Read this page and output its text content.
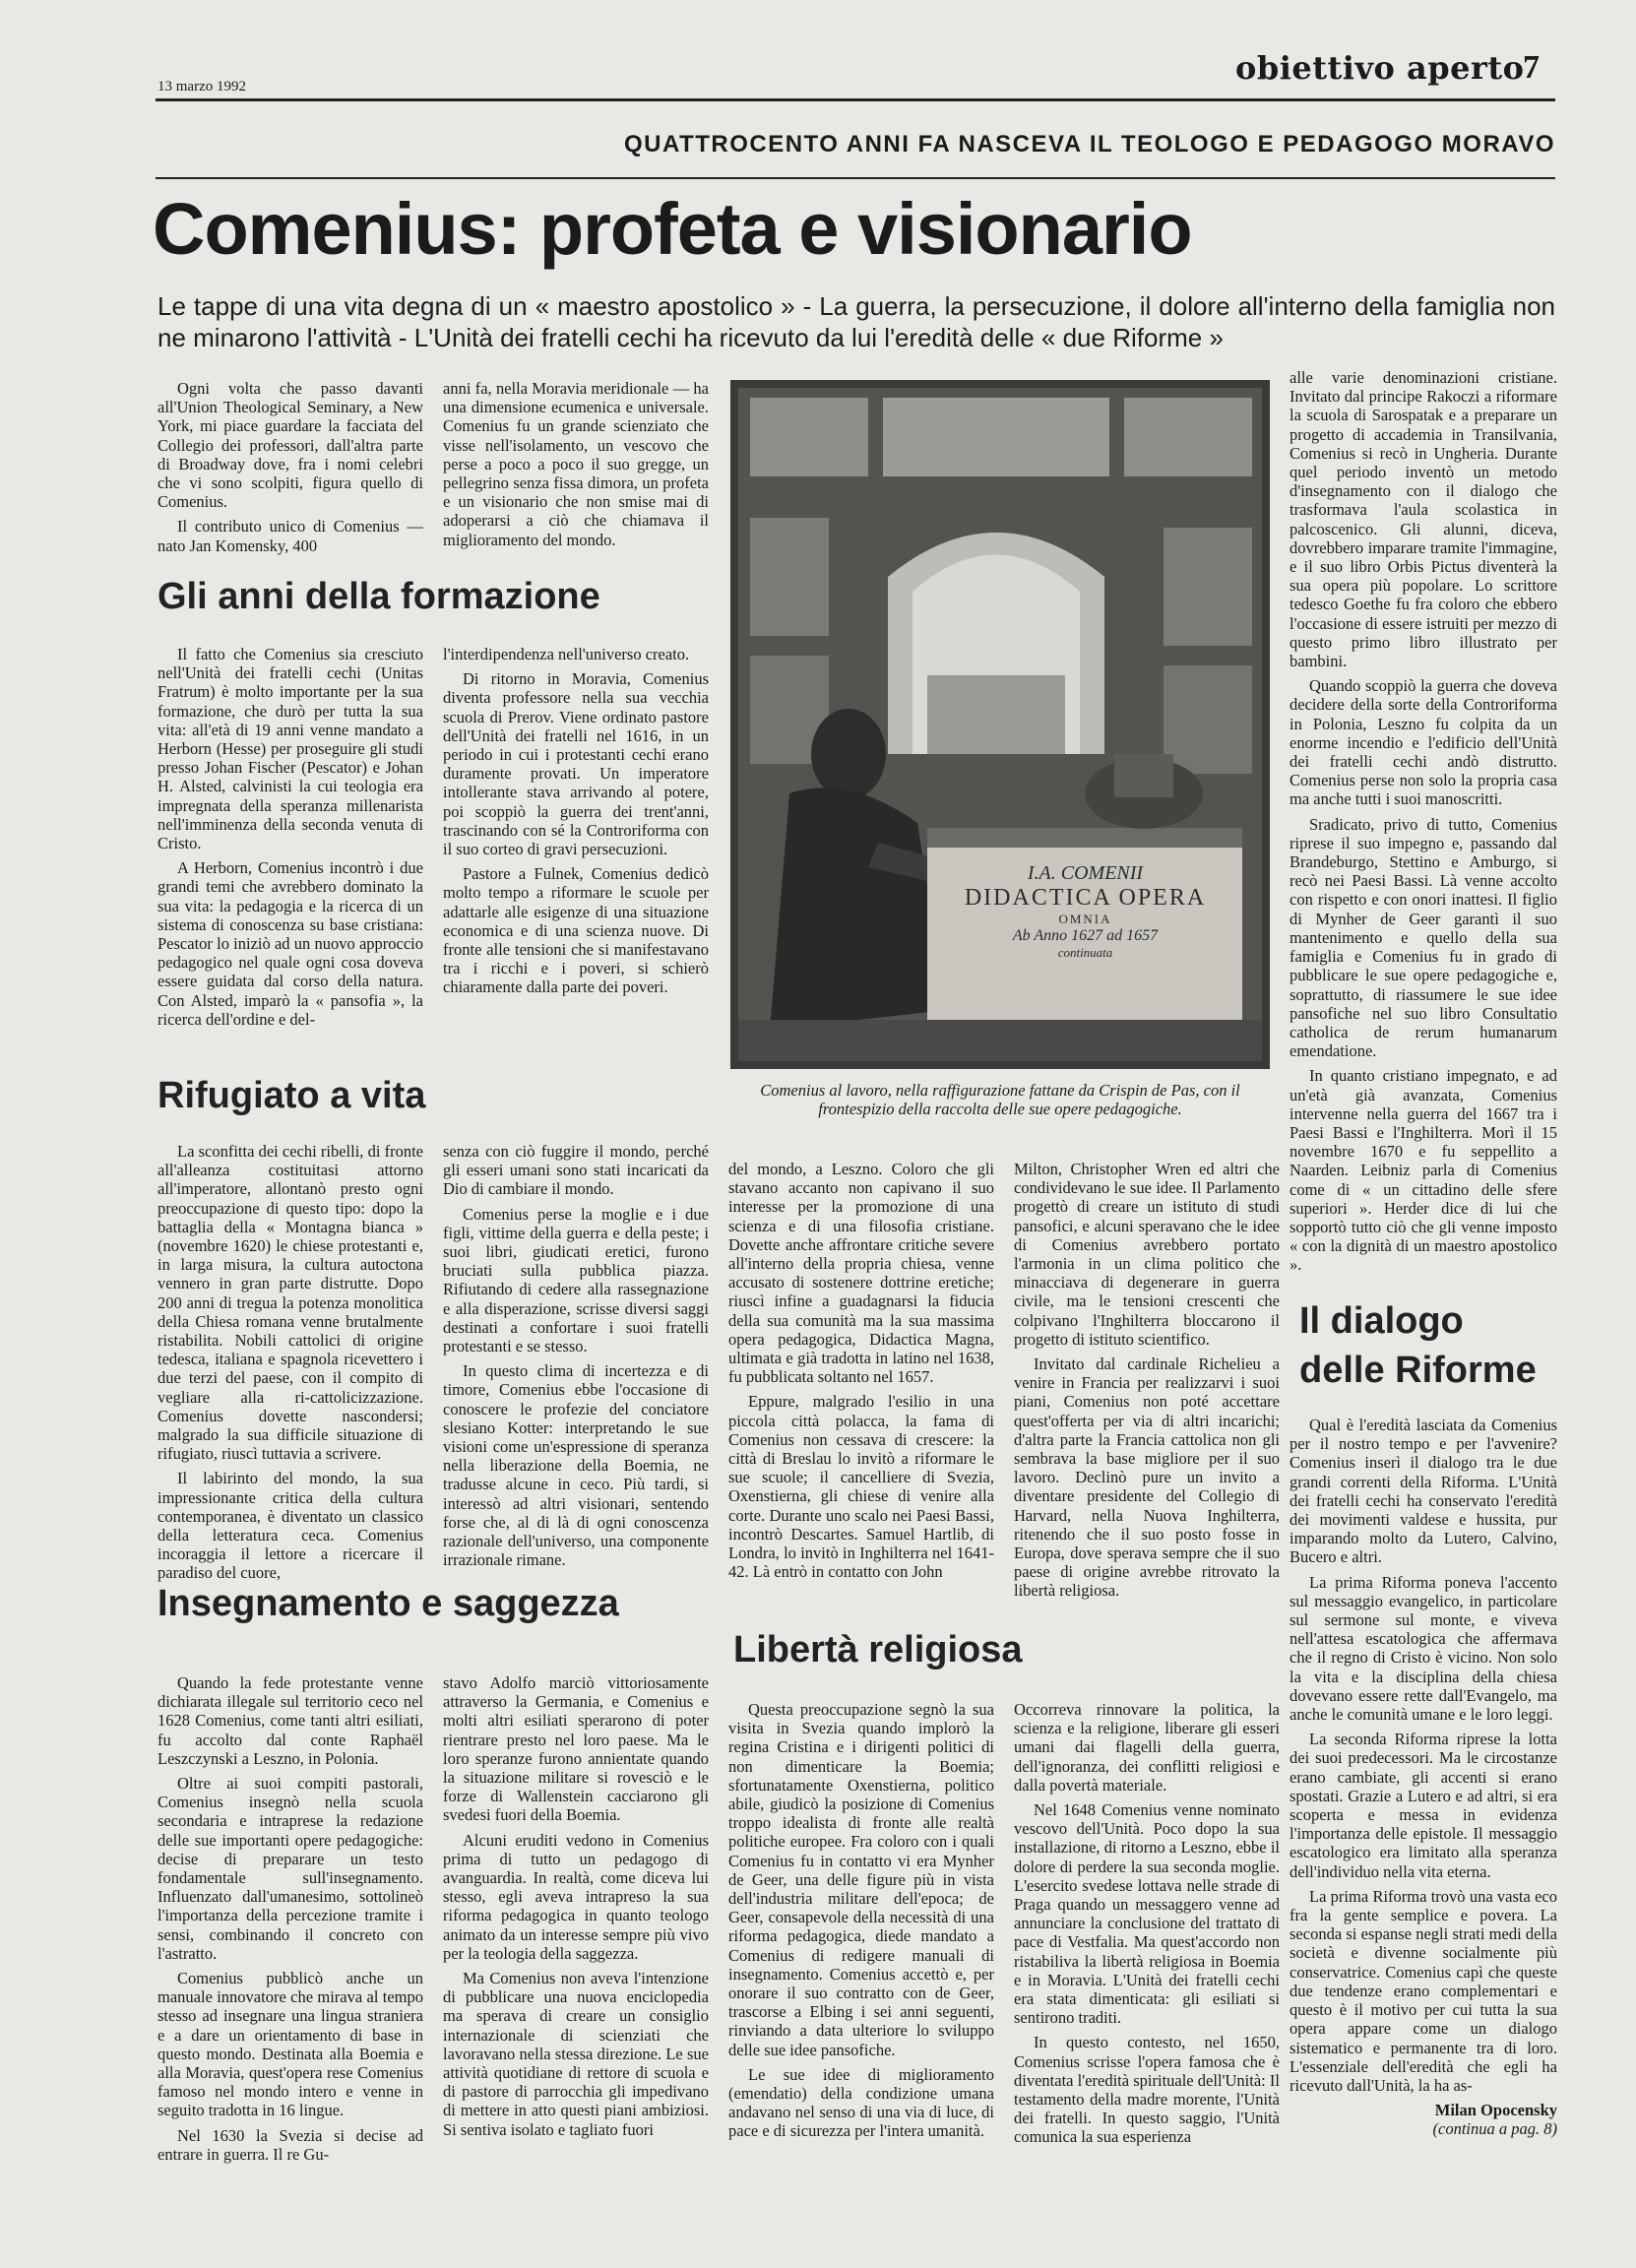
13 marzo 1992	obiettivo aperto
7
QUATTROCENTO ANNI FA NASCEVA IL TEOLOGO E PEDAGOGO MORAVO
Comenius: profeta e visionario
Le tappe di una vita degna di un « maestro apostolico » - La guerra, la persecuzione, il dolore all'interno della famiglia non ne minarono l'attività - L'Unità dei fratelli cechi ha ricevuto da lui l'eredità delle « due Riforme »

Ogni volta che passo davanti all'Union Theological Seminary, a New York, mi piace guardare la facciata del Collegio dei professori, dall'altra parte di Broadway dove, fra i nomi celebri che vi sono scolpiti, figura quello di Comenius.

Il contributo unico di Comenius — nato Jan Komensky, 400

anni fa, nella Moravia meridionale — ha una dimensione ecumenica e universale. Comenius fu un grande scienziato che visse nell'isolamento, un vescovo che perse a poco a poco il suo gregge, un pellegrino senza fissa dimora, un profeta e un visionario che non smise mai di adoperarsi a ciò che chiamava il miglioramento del mondo.

Gli anni della formazione

Il fatto che Comenius sia cresciuto nell'Unità dei fratelli cechi (Unitas Fratrum) è molto importante per la sua formazione, che durò per tutta la sua vita: all'età di 19 anni venne mandato a Herborn (Hesse) per proseguire gli studi presso Johan Fischer (Pescator) e Johan H. Alsted, calvinisti la cui teologia era impregnata della speranza millenarista nell'imminenza della seconda venuta di Cristo.

A Herborn, Comenius incontrò i due grandi temi che avrebbero dominato la sua vita: la pedagogia e la ricerca di un sistema di conoscenza su base cristiana: Pescator lo iniziò ad un nuovo approccio pedagogico nel quale ogni cosa doveva essere guidata dal corso della natura. Con Alsted, imparò la « pansofia », la ricerca dell'ordine e del-

l'interdipendenza nell'universo creato.

Di ritorno in Moravia, Comenius diventa professore nella sua vecchia scuola di Prerov. Viene ordinato pastore dell'Unità dei fratelli nel 1616, in un periodo in cui i protestanti cechi erano duramente provati. Un imperatore intollerante stava arrivando al potere, poi scoppiò la guerra dei trent'anni, trascinando con sé la Controriforma con il suo corteo di gravi persecuzioni.

Pastore a Fulnek, Comenius dedicò molto tempo a riformare le scuole per adattarle alle esigenze di una situazione economica e di una scienza nuove. Di fronte alle tensioni che si manifestavano tra i ricchi e i poveri, si schierò chiaramente dalla parte dei poveri.

I.A. COMENII
DIDACTICA OPERA
OMNIA
Ab Anno 1627 ad 1657
continuata
Comenius al lavoro, nella raffigurazione fattane da Crispin de Pas, con il frontespizio della raccolta delle sue opere pedagogiche.

alle varie denominazioni cristiane. Invitato dal principe Rakoczi a riformare la scuola di Sarospatak e a preparare un progetto di accademia in Transilvania, Comenius si recò in Ungheria. Durante quel periodo inventò un metodo d'insegnamento con il dialogo che trasformava l'aula scolastica in palcoscenico. Gli alunni, diceva, dovrebbero imparare tramite l'immagine, e il suo libro Orbis Pictus diventerà la sua opera più popolare. Lo scrittore tedesco Goethe fu fra coloro che ebbero l'occasione di essere istruiti per mezzo di questo primo libro illustrato per bambini.

Quando scoppiò la guerra che doveva decidere della sorte della Controriforma in Polonia, Leszno fu colpita da un enorme incendio e l'edificio dell'Unità dei fratelli cechi andò distrutto. Comenius perse non solo la propria casa ma anche tutti i suoi manoscritti.

Sradicato, privo di tutto, Comenius riprese il suo impegno e, passando dal Brandeburgo, Stettino e Amburgo, si recò nei Paesi Bassi. Là venne accolto con rispetto e con onori inattesi. Il figlio di Mynher de Geer garantì il suo mantenimento e quello della sua famiglia e Comenius fu in grado di pubblicare le sue opere pedagogiche e, soprattutto, di riassumere le sue idee pansofiche nel suo libro Consultatio catholica de rerum humanarum emendatione.

In quanto cristiano impegnato, e ad un'età già avanzata, Comenius intervenne nella guerra del 1667 tra i Paesi Bassi e l'Inghilterra. Morì il 15 novembre 1670 e fu seppellito a Naarden. Leibniz parla di Comenius come di « un cittadino delle sfere superiori ». Herder dice di lui che sopportò tutto ciò che gli venne imposto « con la dignità di un maestro apostolico ».

Rifugiato a vita

La sconfitta dei cechi ribelli, di fronte all'alleanza costituitasi attorno all'imperatore, allontanò presto ogni preoccupazione di questo tipo: dopo la battaglia della « Montagna bianca » (novembre 1620) le chiese protestanti e, in larga misura, la cultura autoctona vennero in gran parte distrutte. Dopo 200 anni di tregua la potenza monolitica della Chiesa romana venne brutalmente ristabilita. Nobili cattolici di origine tedesca, italiana e spagnola ricevettero i due terzi del paese, con il compito di vegliare alla ri-cattolicizzazione. Comenius dovette nascondersi; malgrado la sua difficile situazione di rifugiato, riuscì tuttavia a scrivere.

Il labirinto del mondo, la sua impressionante critica della cultura contemporanea, è diventato un classico della letteratura ceca. Comenius incoraggia il lettore a ricercare il paradiso del cuore,

senza con ciò fuggire il mondo, perché gli esseri umani sono stati incaricati da Dio di cambiare il mondo.

Comenius perse la moglie e i due figli, vittime della guerra e della peste; i suoi libri, giudicati eretici, furono bruciati sulla pubblica piazza. Rifiutando di cedere alla rassegnazione e alla disperazione, scrisse diversi saggi destinati a confortare i suoi fratelli protestanti e se stesso.

In questo clima di incertezza e di timore, Comenius ebbe l'occasione di conoscere le profezie del conciatore slesiano Kotter: interpretando le sue visioni come un'espressione di speranza nella liberazione della Boemia, ne tradusse alcune in ceco. Più tardi, si interessò ad altri visionari, sentendo forse che, al di là di ogni conoscenza razionale dell'universo, una componente irrazionale rimane.

del mondo, a Leszno. Coloro che gli stavano accanto non capivano il suo interesse per la promozione di una scienza e di una filosofia cristiane. Dovette anche affrontare critiche severe all'interno della propria chiesa, venne accusato di sostenere dottrine eretiche; riuscì infine a guadagnarsi la fiducia della sua comunità ma la sua massima opera pedagogica, Didactica Magna, ultimata e già tradotta in latino nel 1638, fu pubblicata soltanto nel 1657.

Eppure, malgrado l'esilio in una piccola città polacca, la fama di Comenius non cessava di crescere: la città di Breslau lo invitò a riformare le sue scuole; il cancelliere di Svezia, Oxenstierna, gli chiese di venire alla corte. Durante uno scalo nei Paesi Bassi, incontrò Descartes. Samuel Hartlib, di Londra, lo invitò in Inghilterra nel 1641-42. Là entrò in contatto con John

Milton, Christopher Wren ed altri che condividevano le sue idee. Il Parlamento progettò di creare un istituto di studi pansofici, e alcuni speravano che le idee di Comenius avrebbero portato l'armonia in un clima politico che minacciava di degenerare in guerra civile, ma le tensioni crescenti che colpivano l'Inghilterra bloccarono il progetto di istituto scientifico.

Invitato dal cardinale Richelieu a venire in Francia per realizzarvi i suoi piani, Comenius non poté accettare quest'offerta per via di altri incarichi; d'altra parte la Francia cattolica non gli sembrava la base migliore per il suo lavoro. Declinò pure un invito a diventare presidente del Collegio di Harvard, nella Nuova Inghilterra, ritenendo che il suo posto fosse in Europa, dove sperava sempre che il suo paese di origine avrebbe ritrovato la libertà religiosa.

Insegnamento e saggezza

Quando la fede protestante venne dichiarata illegale sul territorio ceco nel 1628 Comenius, come tanti altri esiliati, fu accolto dal conte Raphaël Leszczynski a Leszno, in Polonia.

Oltre ai suoi compiti pastorali, Comenius insegnò nella scuola secondaria e intraprese la redazione delle sue importanti opere pedagogiche: decise di preparare un testo fondamentale sull'insegnamento. Influenzato dall'umanesimo, sottolineò l'importanza della percezione tramite i sensi, combinando il concreto con l'astratto.

Comenius pubblicò anche un manuale innovatore che mirava al tempo stesso ad insegnare una lingua straniera e a dare un orientamento di base in questo mondo. Destinata alla Boemia e alla Moravia, quest'opera rese Comenius famoso nel mondo intero e venne in seguito tradotta in 16 lingue.

Nel 1630 la Svezia si decise ad entrare in guerra. Il re Gu-

stavo Adolfo marciò vittoriosamente attraverso la Germania, e Comenius e molti altri esiliati sperarono di poter rientrare presto nel loro paese. Ma le loro speranze furono annientate quando la situazione militare si rovesciò e le forze di Wallenstein cacciarono gli svedesi fuori della Boemia.

Alcuni eruditi vedono in Comenius prima di tutto un pedagogo di avanguardia. In realtà, come diceva lui stesso, egli aveva intrapreso la sua riforma pedagogica in quanto teologo animato da un interesse sempre più vivo per la teologia della saggezza.

Ma Comenius non aveva l'intenzione di pubblicare una nuova enciclopedia ma sperava di creare un consiglio internazionale di scienziati che lavoravano nella stessa direzione. Le sue attività quotidiane di rettore di scuola e di pastore di parrocchia gli impedivano di mettere in atto questi piani ambiziosi. Si sentiva isolato e tagliato fuori

Libertà religiosa

Questa preoccupazione segnò la sua visita in Svezia quando implorò la regina Cristina e i dirigenti politici di non dimenticare la Boemia; sfortunatamente Oxenstierna, politico abile, giudicò la posizione di Comenius troppo idealista di fronte alle realtà politiche europee. Fra coloro con i quali Comenius fu in contatto vi era Mynher de Geer, una delle figure più in vista dell'industria militare dell'epoca; de Geer, consapevole della necessità di una riforma pedagogica, diede mandato a Comenius di redigere manuali di insegnamento. Comenius accettò e, per onorare il suo contratto con de Geer, trascorse a Elbing i sei anni seguenti, rinviando a data ulteriore lo sviluppo delle sue idee pansofiche.

Le sue idee di miglioramento (emendatio) della condizione umana andavano nel senso di una via di luce, di pace e di sicurezza per l'intera umanità.

Occorreva rinnovare la politica, la scienza e la religione, liberare gli esseri umani dai flagelli della guerra, dell'ignoranza, dei conflitti religiosi e dalla povertà materiale.

Nel 1648 Comenius venne nominato vescovo dell'Unità. Poco dopo la sua installazione, di ritorno a Leszno, ebbe il dolore di perdere la sua seconda moglie. L'esercito svedese lottava nelle strade di Praga quando un messaggero venne ad annunciare la conclusione del trattato di pace di Vestfalia. Ma quest'accordo non ristabiliva la libertà religiosa in Boemia e in Moravia. L'Unità dei fratelli cechi era stata dimenticata: gli esiliati si sentirono traditi.

In questo contesto, nel 1650, Comenius scrisse l'opera famosa che è diventata l'eredità spirituale dell'Unità: Il testamento della madre morente, l'Unità dei fratelli. In questo saggio, l'Unità comunica la sua esperienza

Il dialogo
delle Riforme

Qual è l'eredità lasciata da Comenius per il nostro tempo e per l'avvenire? Comenius inserì il dialogo tra le due grandi correnti della Riforma. L'Unità dei fratelli cechi ha conservato l'eredità dei movimenti valdese e hussita, pur imparando molto da Lutero, Calvino, Bucero e altri.

La prima Riforma poneva l'accento sul messaggio evangelico, in particolare sul sermone sul monte, e viveva nell'attesa escatologica che affermava che il regno di Cristo è vicino. Non solo la vita e la disciplina della chiesa dovevano essere rette dall'Evangelo, ma anche le comunità umane e le loro leggi.

La seconda Riforma riprese la lotta dei suoi predecessori. Ma le circostanze erano cambiate, gli accenti si erano spostati. Grazie a Lutero e ad altri, si era scoperta e messa in evidenza l'importanza delle epistole. Il messaggio escatologico era limitato alla speranza dell'individuo nella vita eterna.

La prima Riforma trovò una vasta eco fra la gente semplice e povera. La seconda si espanse negli strati medi della società e divenne socialmente più conservatrice. Comenius capì che queste due tendenze erano complementari e questo è il motivo per cui tutta la sua opera appare come un dialogo sistematico e permanente tra di loro. L'essenziale dell'eredità che egli ha ricevuto dall'Unità, la ha as-

Milan Opocensky
(continua a pag. 8)
